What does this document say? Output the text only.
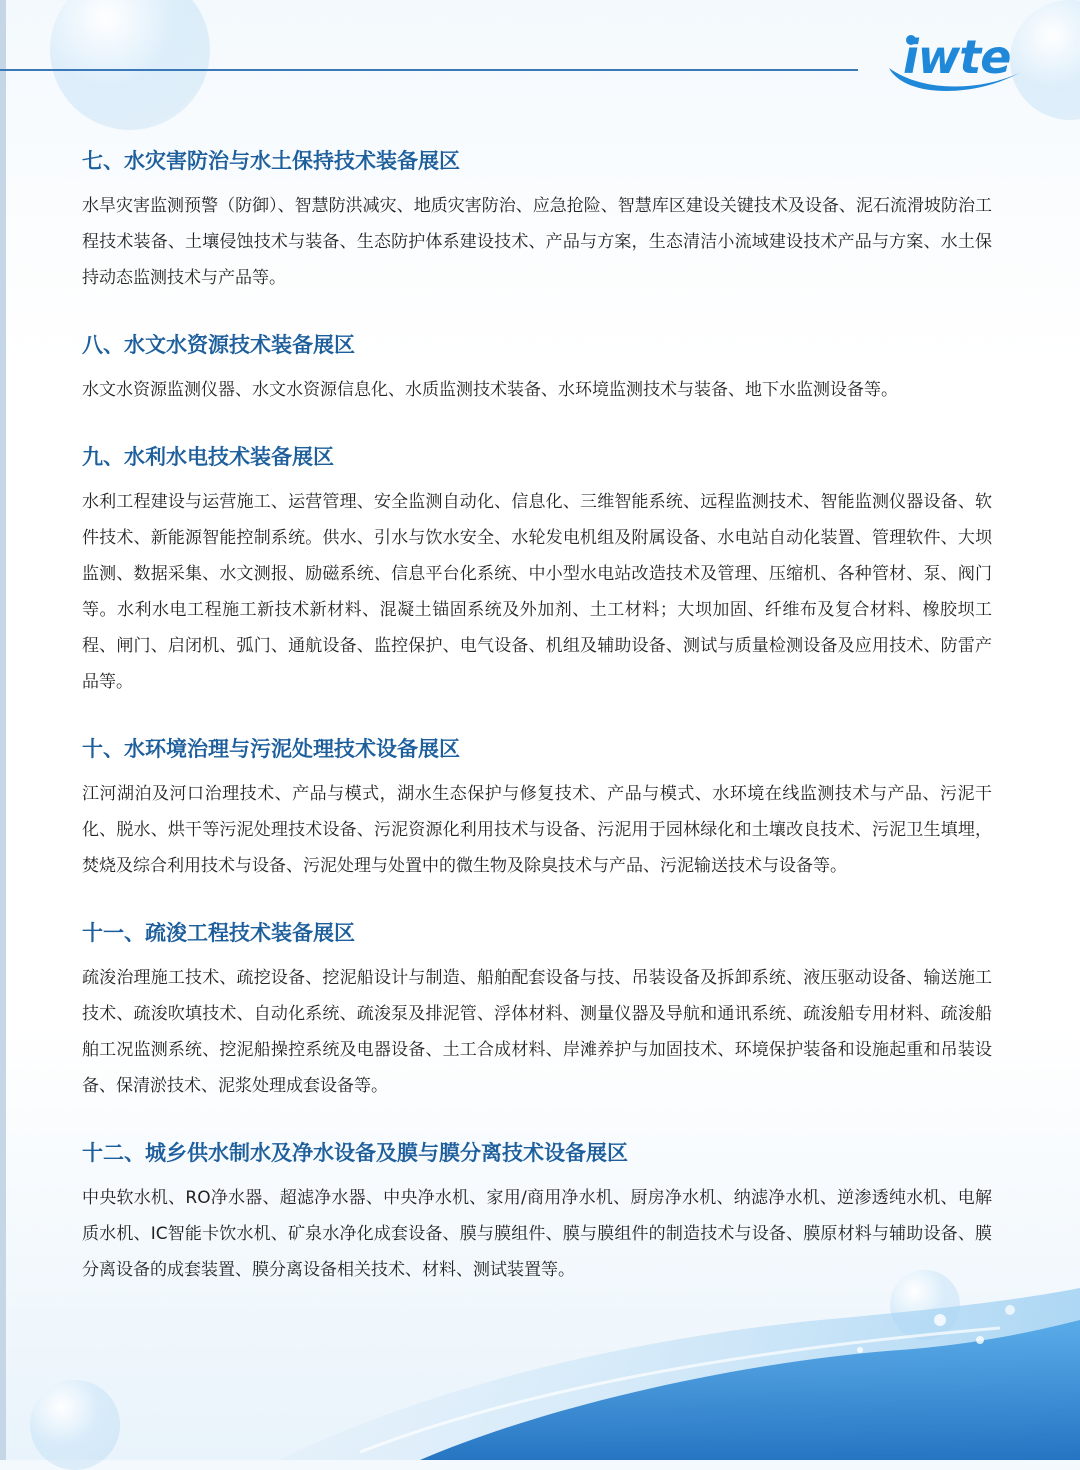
iwte
七、水灾害防治与水土保持技术装备展区

水旱灾害监测预警（防御）、智慧防洪减灾、地质灾害防治、应急抢险、智慧库区建设关键技术及设备、泥石流滑坡防治工程技术装备、土壤侵蚀技术与装备、生态防护体系建设技术、产品与方案，生态清洁小流域建设技术产品与方案、水土保持动态监测技术与产品等。

八、水文水资源技术装备展区

水文水资源监测仪器、水文水资源信息化、水质监测技术装备、水环境监测技术与装备、地下水监测设备等。

九、水利水电技术装备展区

水利工程建设与运营施工、运营管理、安全监测自动化、信息化、三维智能系统、远程监测技术、智能监测仪器设备、软件技术、新能源智能控制系统。供水、引水与饮水安全、水轮发电机组及附属设备、水电站自动化装置、管理软件、大坝监测、数据采集、水文测报、励磁系统、信息平台化系统、中小型水电站改造技术及管理、压缩机、各种管材、泵、阀门等。水利水电工程施工新技术新材料、混凝土锚固系统及外加剂、土工材料；大坝加固、纤维布及复合材料、橡胶坝工程、闸门、启闭机、弧门、通航设备、监控保护、电气设备、机组及辅助设备、测试与质量检测设备及应用技术、防雷产品等。

十、水环境治理与污泥处理技术设备展区

江河湖泊及河口治理技术、产品与模式，湖水生态保护与修复技术、产品与模式、水环境在线监测技术与产品、污泥干化、脱水、烘干等污泥处理技术设备、污泥资源化利用技术与设备、污泥用于园林绿化和土壤改良技术、污泥卫生填埋，焚烧及综合利用技术与设备、污泥处理与处置中的微生物及除臭技术与产品、污泥输送技术与设备等。

十一、疏浚工程技术装备展区

疏浚治理施工技术、疏挖设备、挖泥船设计与制造、船舶配套设备与技、吊装设备及拆卸系统、液压驱动设备、输送施工技术、疏浚吹填技术、自动化系统、疏浚泵及排泥管、浮体材料、测量仪器及导航和通讯系统、疏浚船专用材料、疏浚船舶工况监测系统、挖泥船操控系统及电器设备、土工合成材料、岸滩养护与加固技术、环境保护装备和设施起重和吊装设备、保清淤技术、泥浆处理成套设备等。

十二、城乡供水制水及净水设备及膜与膜分离技术设备展区

中央软水机、RO净水器、超滤净水器、中央净水机、家用/商用净水机、厨房净水机、纳滤净水机、逆渗透纯水机、电解质水机、IC智能卡饮水机、矿泉水净化成套设备、膜与膜组件、膜与膜组件的制造技术与设备、膜原材料与辅助设备、膜分离设备的成套装置、膜分离设备相关技术、材料、测试装置等。
